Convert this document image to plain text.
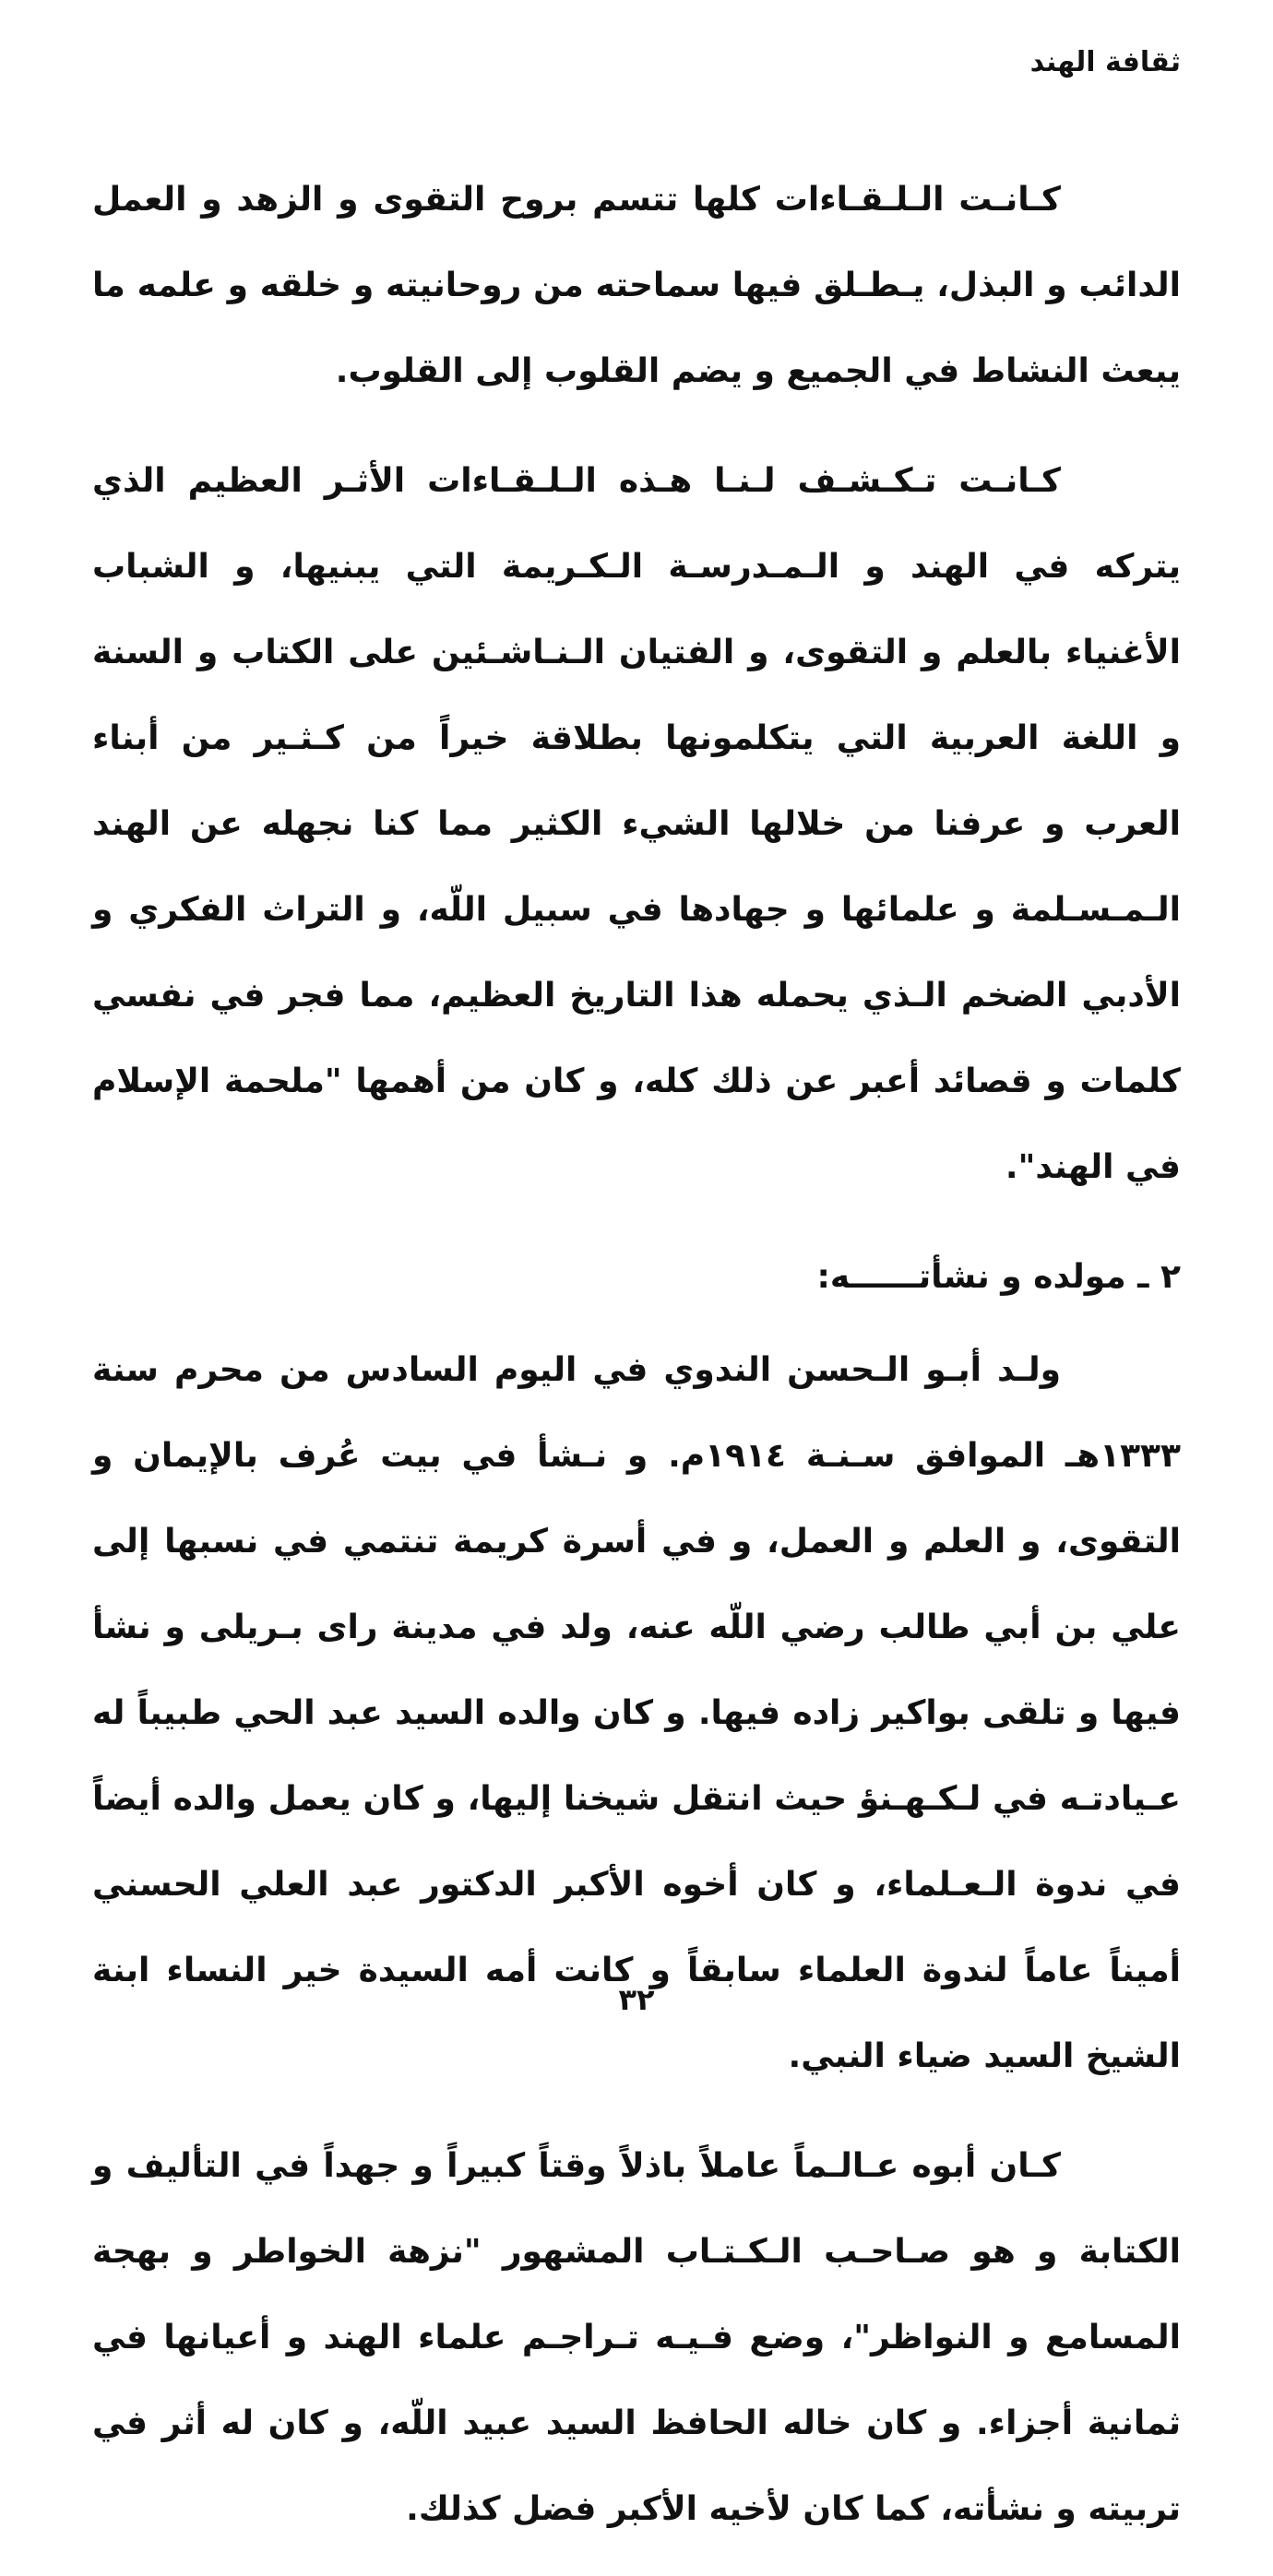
ثقافة الهند

كـانـت الـلـقـاءات كلها تتسم بروح التقوى و الزهد و العمل الدائب و البذل، يـطـلق فيها سماحته من روحانيته و خلقه و علمه ما يبعث النشاط في الجميع و يضم القلوب إلى القلوب.

كـانـت تـكـشـف لـنـا هـذه الـلـقـاءات الأثـر العظيم الذي يتركه في الهند و الـمـدرسـة الـكـريمة التي يبنيها، و الشباب الأغنياء بالعلم و التقوى، و الفتيان الـنـاشـئين على الكتاب و السنة و اللغة العربية التي يتكلمونها بطلاقة خيراً من كـثـير من أبناء العرب و عرفنا من خلالها الشيء الكثير مما كنا نجهله عن الهند الـمـسـلمة و علمائها و جهادها في سبيل اللّه، و التراث الفكري و الأدبي الضخم الـذي يحمله هذا التاريخ العظيم، مما فجر في نفسي كلمات و قصائد أعبر عن ذلك كله، و كان من أهمها "ملحمة الإسلام في الهند".

٢ ـ مولده و نشأتــــــه:

ولـد أبـو الـحسن الندوي في اليوم السادس من محرم سنة ١٣٣٣هـ الموافق سـنـة ١٩١٤م. و نـشأ في بيت عُرف بالإيمان و التقوى، و العلم و العمل، و في أسرة كريمة تنتمي في نسبها إلى علي بن أبي طالب رضي اللّه عنه، ولد في مدينة راى بـريلى و نشأ فيها و تلقى بواكير زاده فيها. و كان والده السيد عبد الحي طبيباً له عـيادتـه في لـكـهـنؤ حيث انتقل شيخنا إليها، و كان يعمل والده أيضاً في ندوة الـعـلماء، و كان أخوه الأكبر الدكتور عبد العلي الحسني أميناً عاماً لندوة العلماء سابقاً و كانت أمه السيدة خير النساء ابنة الشيخ السيد ضياء النبي.

كـان أبوه عـالـماً عاملاً باذلاً وقتاً كبيراً و جهداً في التأليف و الكتابة و هو صـاحـب الـكـتـاب المشهور "نزهة الخواطر و بهجة المسامع و النواظر"، وضع فـيـه تـراجـم علماء الهند و أعيانها في ثمانية أجزاء. و كان خاله الحافظ السيد عبيد اللّه، و كان له أثر في تربيته و نشأته، كما كان لأخيه الأكبر فضل كذلك.

٣٢
